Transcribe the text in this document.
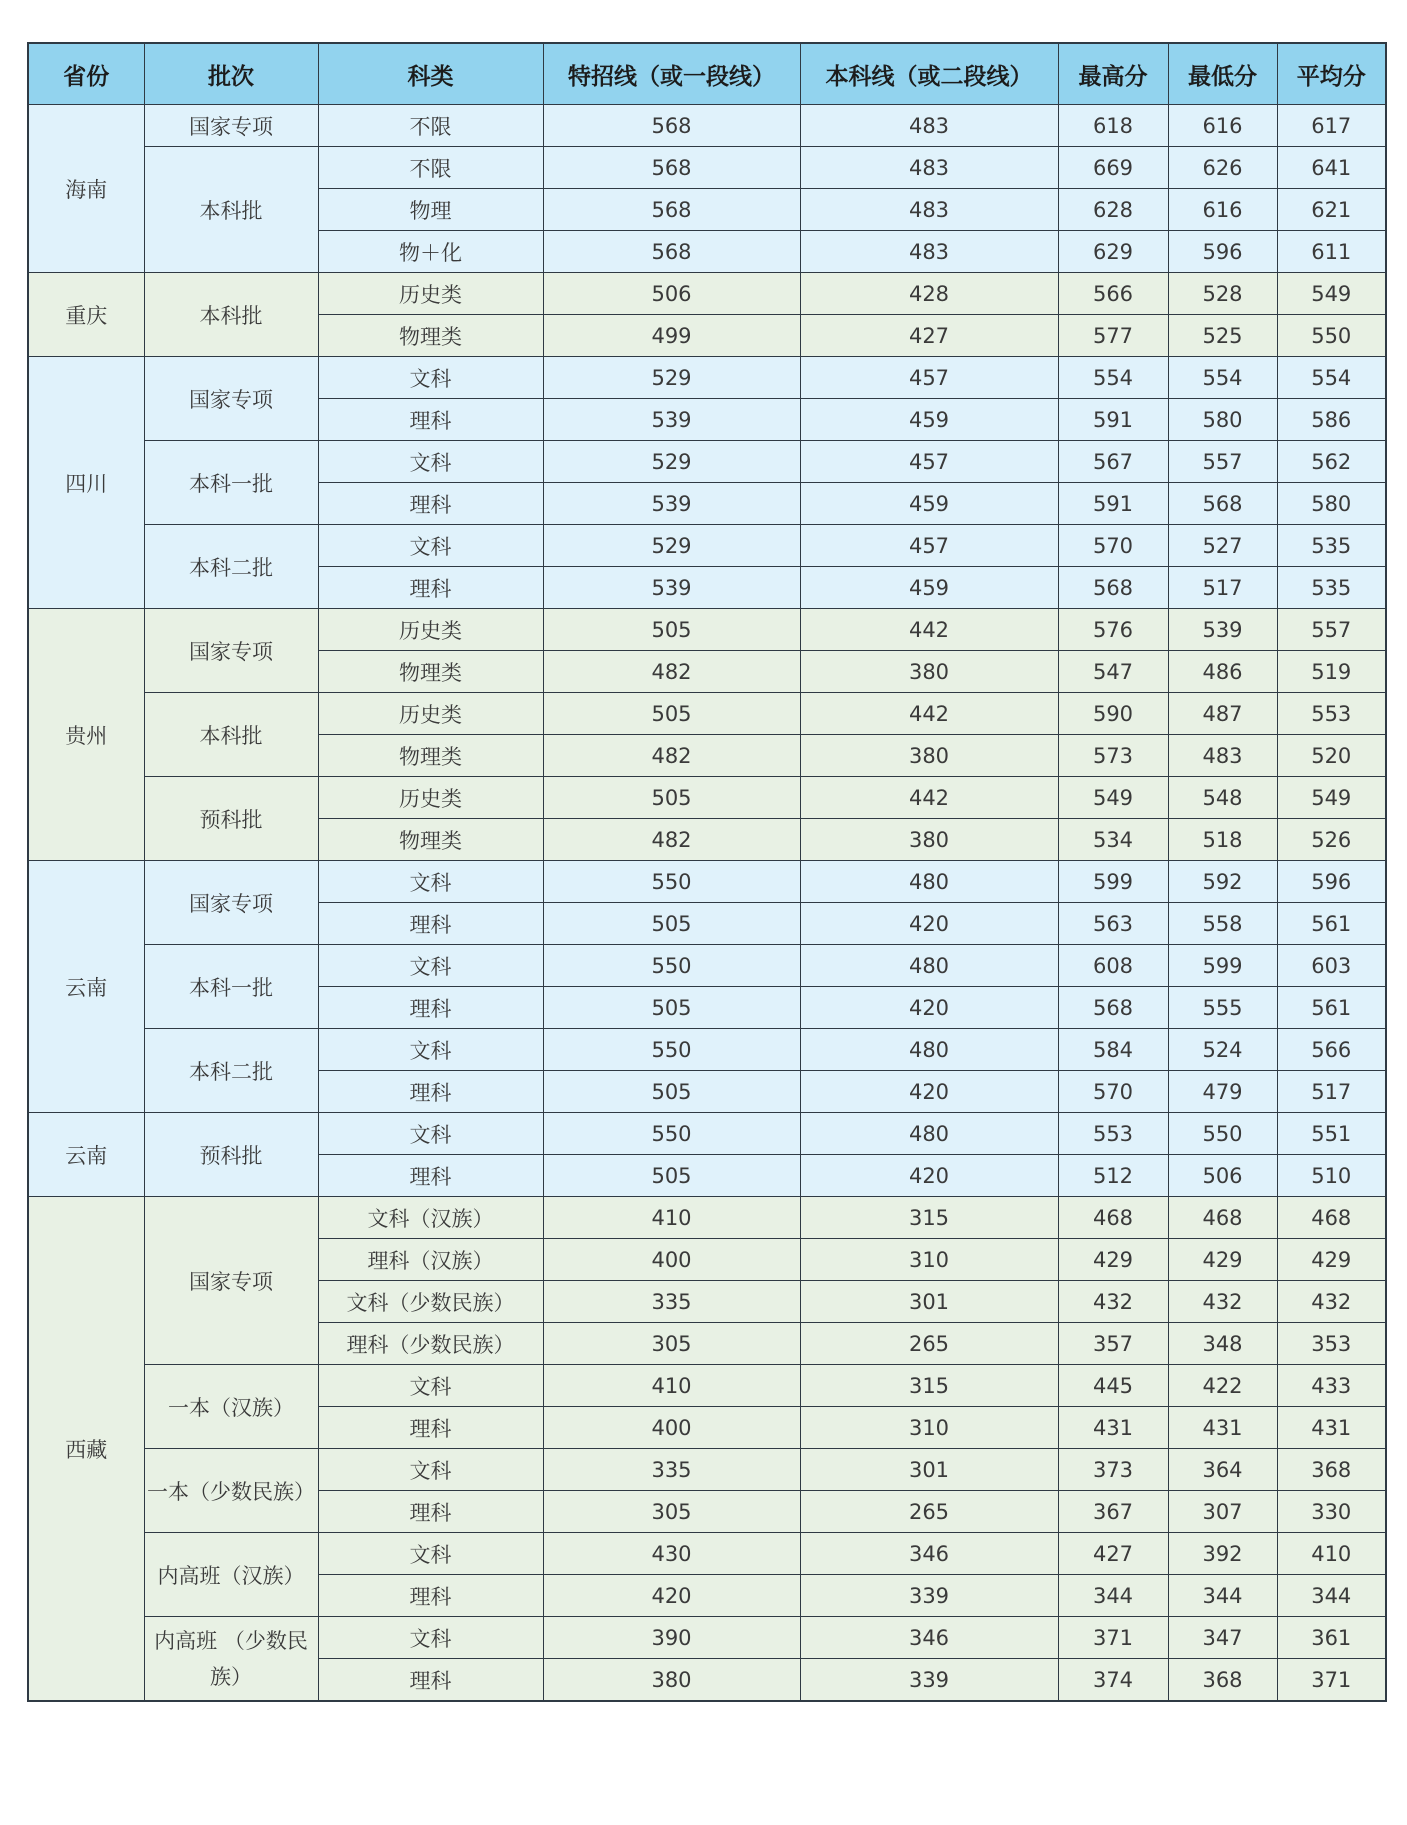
省份	批次	科类	特招线（或一段线）	本科线（或二段线）	最高分	最低分	平均分
海南	国家专项	不限	568	483	618	616	617
	本科批	不限	568	483	669	626	641
		物理	568	483	628	616	621
		物＋化	568	483	629	596	611
重庆	本科批	历史类	506	428	566	528	549
		物理类	499	427	577	525	550
四川	国家专项	文科	529	457	554	554	554
		理科	539	459	591	580	586
	本科一批	文科	529	457	567	557	562
		理科	539	459	591	568	580
	本科二批	文科	529	457	570	527	535
		理科	539	459	568	517	535
贵州	国家专项	历史类	505	442	576	539	557
		物理类	482	380	547	486	519
	本科批	历史类	505	442	590	487	553
		物理类	482	380	573	483	520
	预科批	历史类	505	442	549	548	549
		物理类	482	380	534	518	526
云南	国家专项	文科	550	480	599	592	596
		理科	505	420	563	558	561
	本科一批	文科	550	480	608	599	603
		理科	505	420	568	555	561
	本科二批	文科	550	480	584	524	566
		理科	505	420	570	479	517
云南	预科批	文科	550	480	553	550	551
		理科	505	420	512	506	510
西藏	国家专项	文科（汉族）	410	315	468	468	468
		理科（汉族）	400	310	429	429	429
		文科（少数民族）	335	301	432	432	432
		理科（少数民族）	305	265	357	348	353
	一本（汉族）	文科	410	315	445	422	433
		理科	400	310	431	431	431
	一本（少数民族）	文科	335	301	373	364	368
		理科	305	265	367	307	330
	内高班（汉族）	文科	430	346	427	392	410
		理科	420	339	344	344	344
	内高班 （少数民族）	文科	390	346	371	347	361
		理科	380	339	374	368	371
